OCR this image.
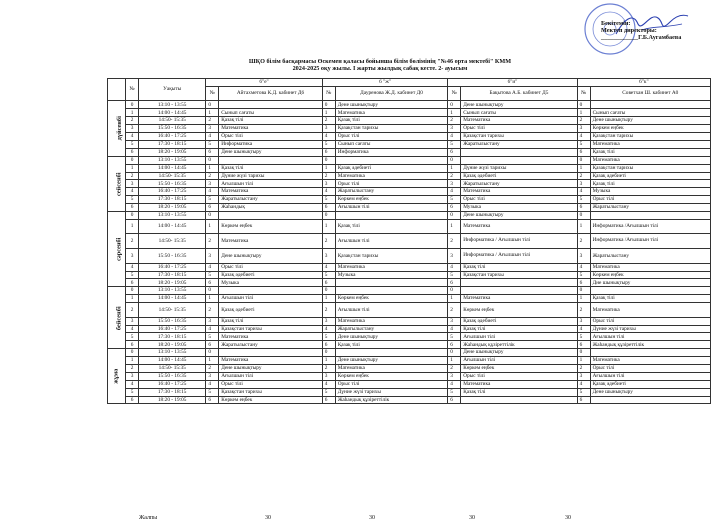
Бекітемін:
Мектеп директоры:
____________Г.Б.Аугамбаева
ШҚО білім басқармасы Өскемен қаласы бойынша білім бөлімінің "№46 орта мектебі" КММ
2024-2025 оқу жылы. І жарты жылдық сабақ кесте. 2- ауысым
	№	Уақыты	6"е"		6 "ж"		6"и"		6"к"	
			№	Айтахметова К.Д. кабинет Д6	№	Дауренова Ж.Д. кабинет Д0	№	Бақытова А.Б. кабинет Д5	№	Советхан Ш. кабинет А0
дүйсенбі	0	13:10 - 13:55	0		0	Дене шынықтыру	0	Дене шынықтыру	0	
	1	14:00 - 14:45	1	Сынып сағаты	1	Математика	1	Сынып сағаты	1	Сынып сағаты
	2	14:50- 15:35	2	Қазақ тілі	2	Қазақ тілі	2	Математика	2	Дене шынықтыру
	3	15:50 - 16:35	3	Математика	3	Қазақстан тарихы	3	Орыс тілі	3	Көркем еңбек
	4	16:40 - 17:25	4	Орыс тілі	4	Орыс тілі	4	Қазақстан тарихы	4	Қазақстан тарихы
	5	17:30 - 18:15	5	Информатика	5	Сынып сағаты	5	Жаратылыстану	5	Математика
	6	18:20 - 19:05	6	Дене шынықтыру	6	Информатика	6		6	Қазақ тілі
сейсенбі	0	13:10 - 13:55	0		0		0		0	Математика
	1	14:00 - 14:45	1	Қазақ тілі	1	Қазақ әдебиеті	1	Дүние жүзі тарихы	1	Қазақстан тарихы
	2	14:50- 15:35	2	Дүние жүзі тарихы	2	Математика	2	Қазақ әдебиеті	2	Қазақ әдебиеті
	3	15:50 - 16:35	3	Ағылшын тілі	3	Орыс тілі	3	Жаратылыстану	3	Қазақ тілі
	4	16:40 - 17:25	4	Математика	4	Жаратылыстану	4	Математика	4	Музыка
	5	17:30 - 18:15	5	Жаратылыстану	5	Көркем еңбек	5	Орыс тілі	5	Орыс тілі
	6	18:20 - 19:05	6	Жаһандық	6	Ағылшын тілі	6	Музыка	6	Жаратылыстану
сәрсенбі	0	13:10 - 13:55	0		0		0	Дене шынықтыру	0	
	1	14:00 - 14:45	1	Көркем еңбек	1	Қазақ тілі	1	Математика	1	Информатика /Ағылшын тілі
	2	14:50- 15:35	2	Математика	2	Ағылшын тілі	2	Информатика / Ағылшын тілі	2	Информатика /Ағылшын тілі
	3	15:50 - 16:35	3	Дене шынықтыру	3	Қазақстан тарихы	3	Информатика / Ағылшын тілі	3	Жаратылыстану
	4	16:40 - 17:25	4	Орыс тілі	4	Математика	4	Қазақ тілі	4	Математика
	5	17:30 - 18:15	5	Қазақ әдебиеті	5	Музыка	5	Қазақстан тарихы	5	Көркем еңбек
	6	18:20 - 19:05	6	Музыка	6		6		6	Дне шынықтыру
бейсенбі	0	13:10 - 13:55	0		0		0		0	
	1	14:00 - 14:45	1	Ағылшын тілі	1	Көркем еңбек	1	Математика	1	Қазақ тілі
	2	14:50- 15:35	2	Қазақ әдебиеті	2	Ағылшын тілі	2	Көркем еңбек	2	Математика
	3	15:50 - 16:35	3	Қазақ тілі	3	Математика	3	Қазақ әдебиеті	3	Орыс тілі
	4	16:40 - 17:25	4	Қазақстан тарихы	4	Жаратылыстану	4	Қазақ тілі	4	Дүние жүзі тарихы
	5	17:30 - 18:15	5	Математика	5	Дене шынықтыру	5	Ағылшын тілі	5	Ағылшын тілі
	6	18:20 - 19:05	6	Жаратылыстану	6	Қазақ тілі	6	Жаһандық құзіреттілік	6	Жаһандық құзіреттілік
жұма	0	13:10 - 13:55	0		0		0	Дене шынықтыру	0	
	1	14:00 - 14:45	1	Математика	1	Дене шынықтыру	1	Ағылшын тілі	1	Математика
	2	14:50- 15:35	2	Дене шынықтыру	2	Математика	2	Көркем еңбек	2	Орыс тілі
	3	15:50 - 16:35	3	Ағылшын тілі	3	Көркем еңбек	3	Орыс тілі	3	Ағылшын тілі
	4	16:40 - 17:25	4	Орыс тілі	4	Орыс тілі	4	Математика	4	Қазақ әдебиеті
	5	17:30 - 18:15	5	Қазақстан тарихы	5	Дүние жүзі тарихы	5	Қазақ тілі	5	Дене шынықтыру
	6	18:20 - 19:05	6	Көркем еңбек	6	Жаһандық құзіреттілік	6		6	
Жалпы	30	30	30	30
